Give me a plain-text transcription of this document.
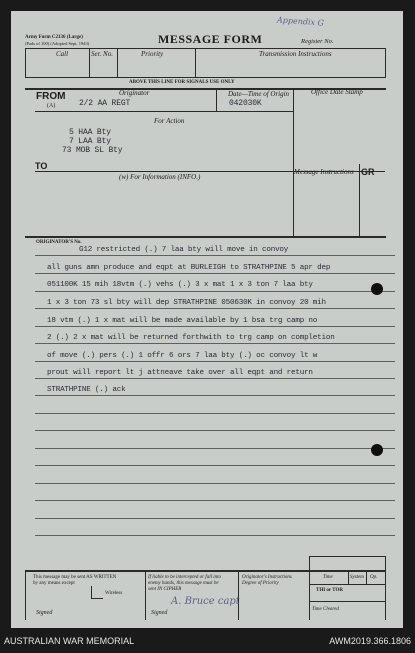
Army Form C2136 (Large)
(Pads of 100) (Adopted Sept. 1943)	MESSAGE FORM	Register No.
Appendix G
Call	Ser. No.	Priority	Transmission Instructions
ABOVE THIS LINE FOR SIGNALS USE ONLY
FROM
(A)
Originator
2/2 AA REGT
Date—Time of Origin
042030K
Office Date Stamp
For Action
5 HAA Bty
7 LAA Bty
73 MOB SL Bty
TO
(w) For Information (INFO.)
Message Instructions GR
ORIGINATOR'S No.
G12 restricted (.) 7 laa bty will move in convoy
all guns amn produce and eqpt at BURLEIGH to STRATHPINE 5 apr dep
051100K 15 mih 18vtm (.) vehs (.) 3 x mat 1 x 3 ton 7 laa bty
1 x 3 ton 73 sl bty will dep STRATHPINE 050630K in convoy 20 mih
18 vtm (.) 1 x mat will be made available by 1 bsa trg camp no
2 (.) 2 x mat will be returned forthwith to trg camp on completion
of move (.) pers (.) 1 offr 6 ors 7 laa bty (.) oc convoy lt w
prout will report lt j attneave take over all eqpt and return
STRATHPINE (.) ack
This message may be sent AS WRITTEN
by any means except
Wireless
If liable to be intercepted or fall into
enemy hands, this message must be
sent IN CIPHER
Originator's Instructions
Degree of Priority
Time	System Op.
THI or TOR
Time Cleared
Signed	Signed
A. Bruce capt
AUSTRALIAN WAR MEMORIAL	AWM2019.366.1806
